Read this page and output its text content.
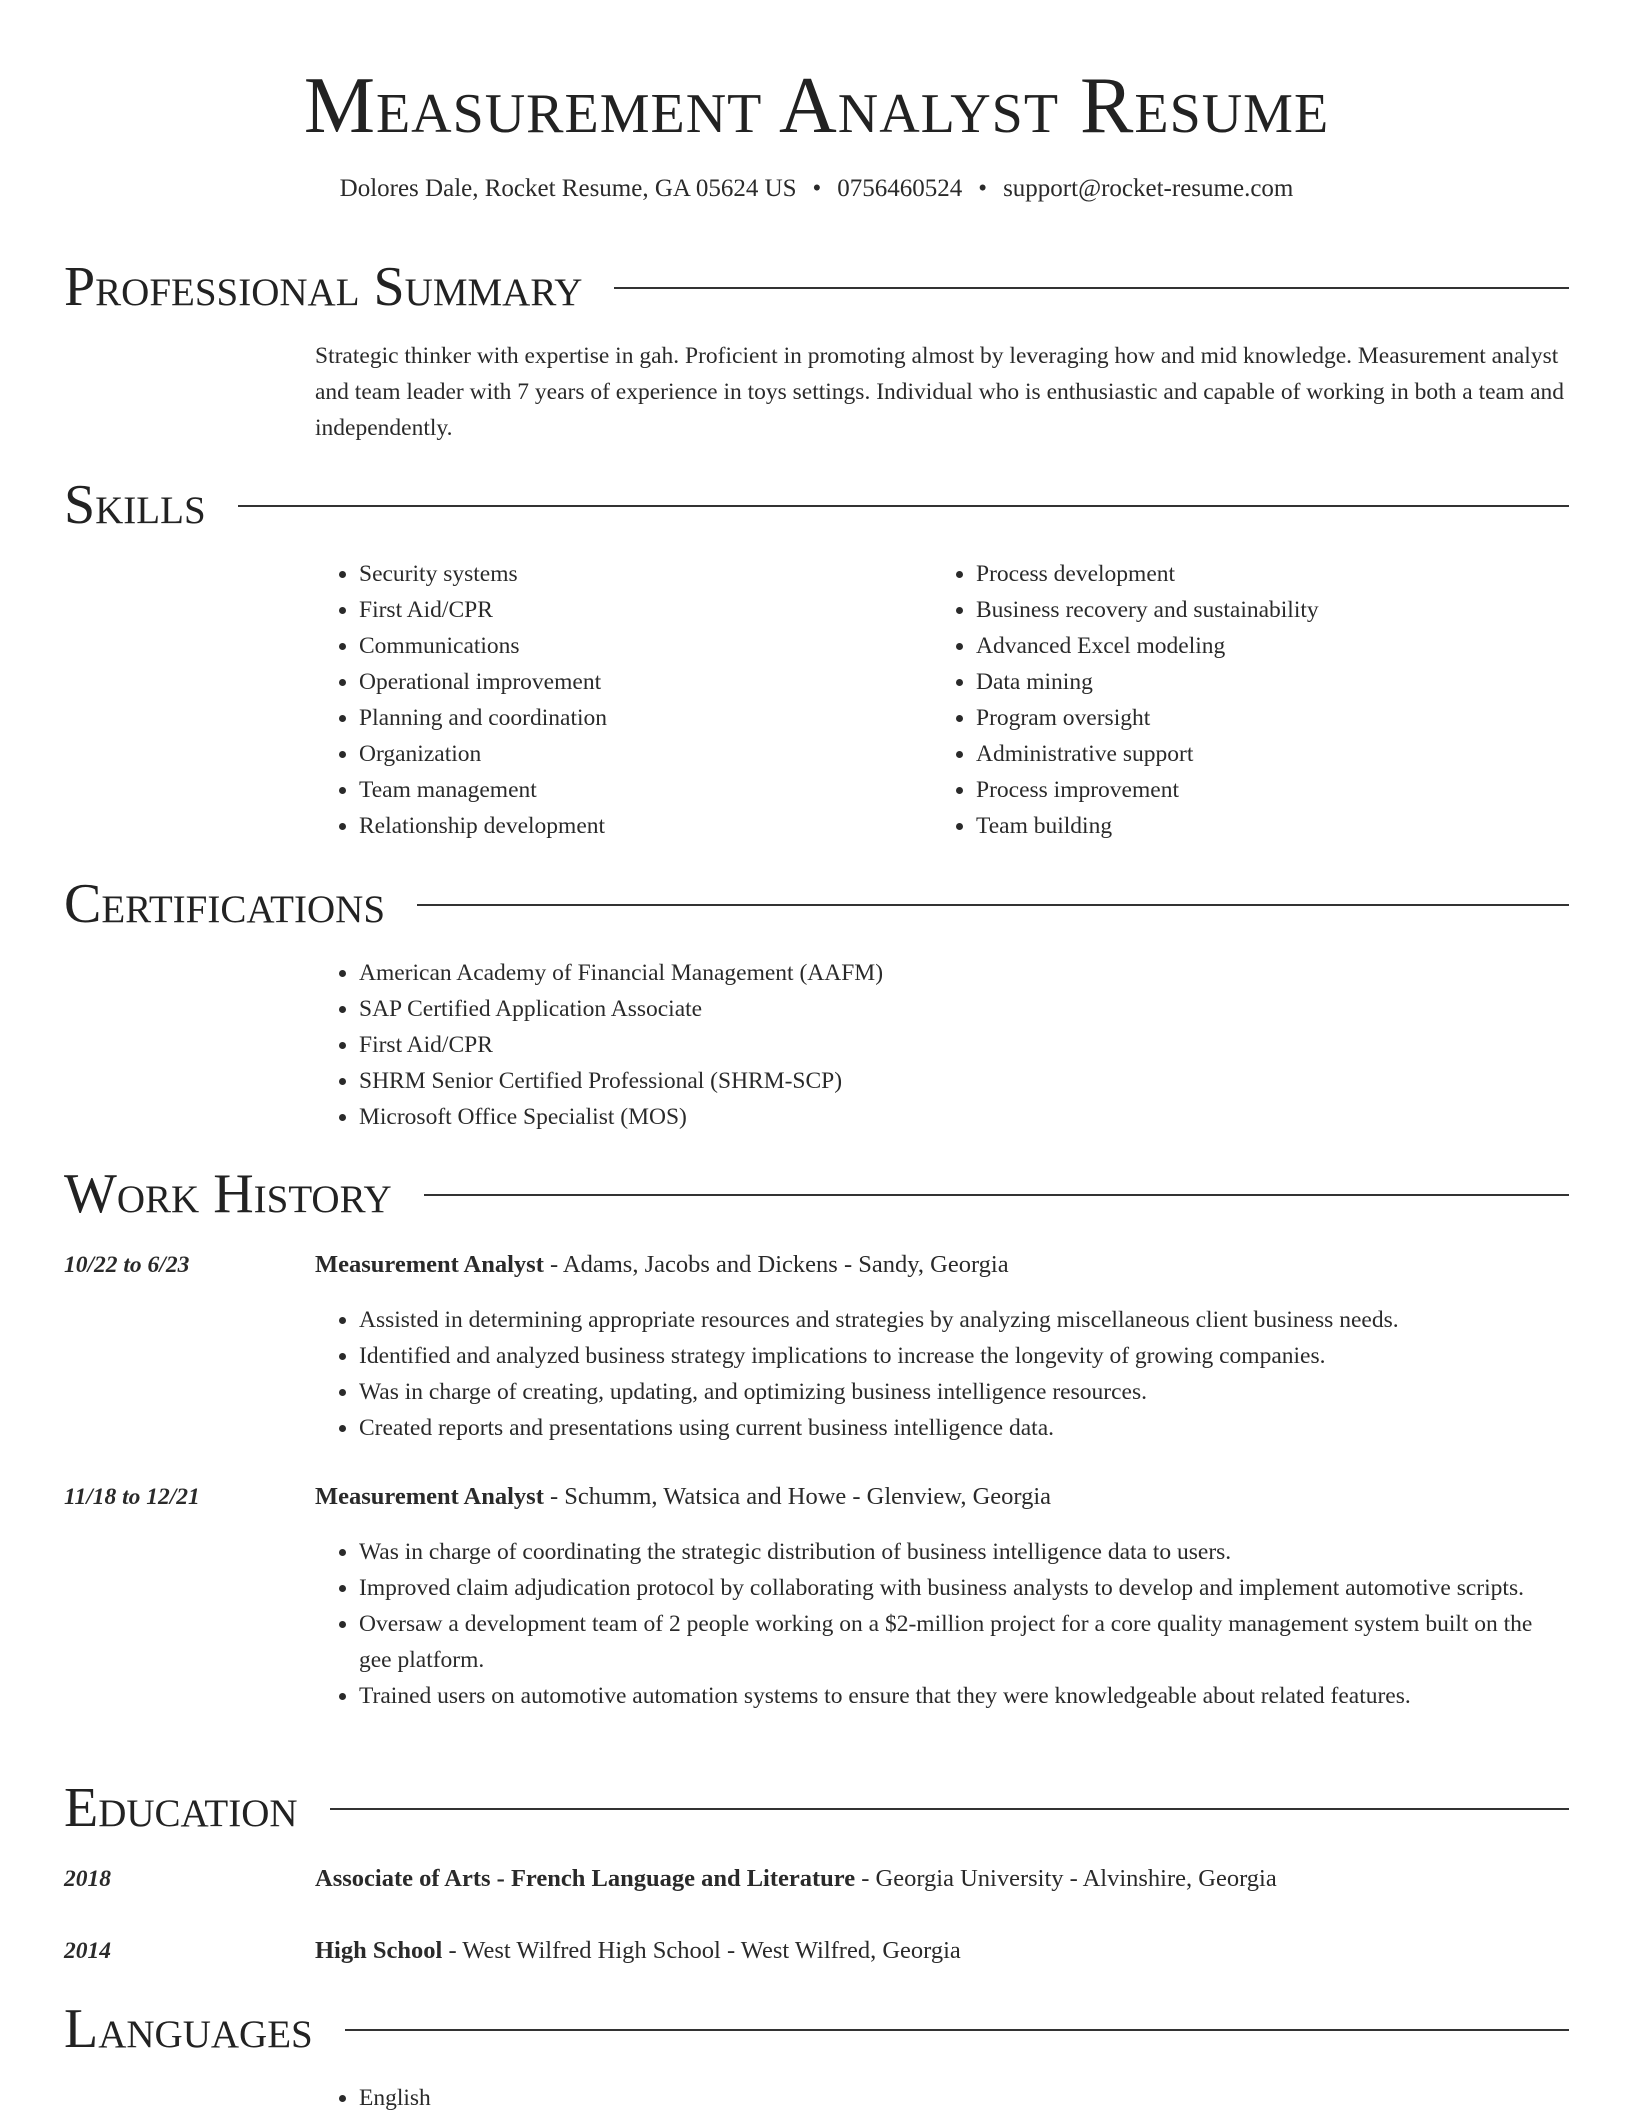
Measurement Analyst Resume
Dolores Dale, Rocket Resume, GA 05624 US • 0756460524 • support@rocket-resume.com
Professional Summary
Strategic thinker with expertise in gah. Proficient in promoting almost by leveraging how and mid knowledge. Measurement analyst and team leader with 7 years of experience in toys settings. Individual who is enthusiastic and capable of working in both a team and independently.
Skills
• Security systems
• First Aid/CPR
• Communications
• Operational improvement
• Planning and coordination
• Organization
• Team management
• Relationship development
• Process development
• Business recovery and sustainability
• Advanced Excel modeling
• Data mining
• Program oversight
• Administrative support
• Process improvement
• Team building
Certifications
• American Academy of Financial Management (AAFM)
• SAP Certified Application Associate
• First Aid/CPR
• SHRM Senior Certified Professional (SHRM-SCP)
• Microsoft Office Specialist (MOS)
Work History
10/22 to 6/23	Measurement Analyst - Adams, Jacobs and Dickens - Sandy, Georgia
• Assisted in determining appropriate resources and strategies by analyzing miscellaneous client business needs.
• Identified and analyzed business strategy implications to increase the longevity of growing companies.
• Was in charge of creating, updating, and optimizing business intelligence resources.
• Created reports and presentations using current business intelligence data.
11/18 to 12/21	Measurement Analyst - Schumm, Watsica and Howe - Glenview, Georgia
• Was in charge of coordinating the strategic distribution of business intelligence data to users.
• Improved claim adjudication protocol by collaborating with business analysts to develop and implement automotive scripts.
• Oversaw a development team of 2 people working on a $2-million project for a core quality management system built on the gee platform.
• Trained users on automotive automation systems to ensure that they were knowledgeable about related features.
Education
2018	Associate of Arts - French Language and Literature - Georgia University - Alvinshire, Georgia
2014	High School - West Wilfred High School - West Wilfred, Georgia
Languages
• English
